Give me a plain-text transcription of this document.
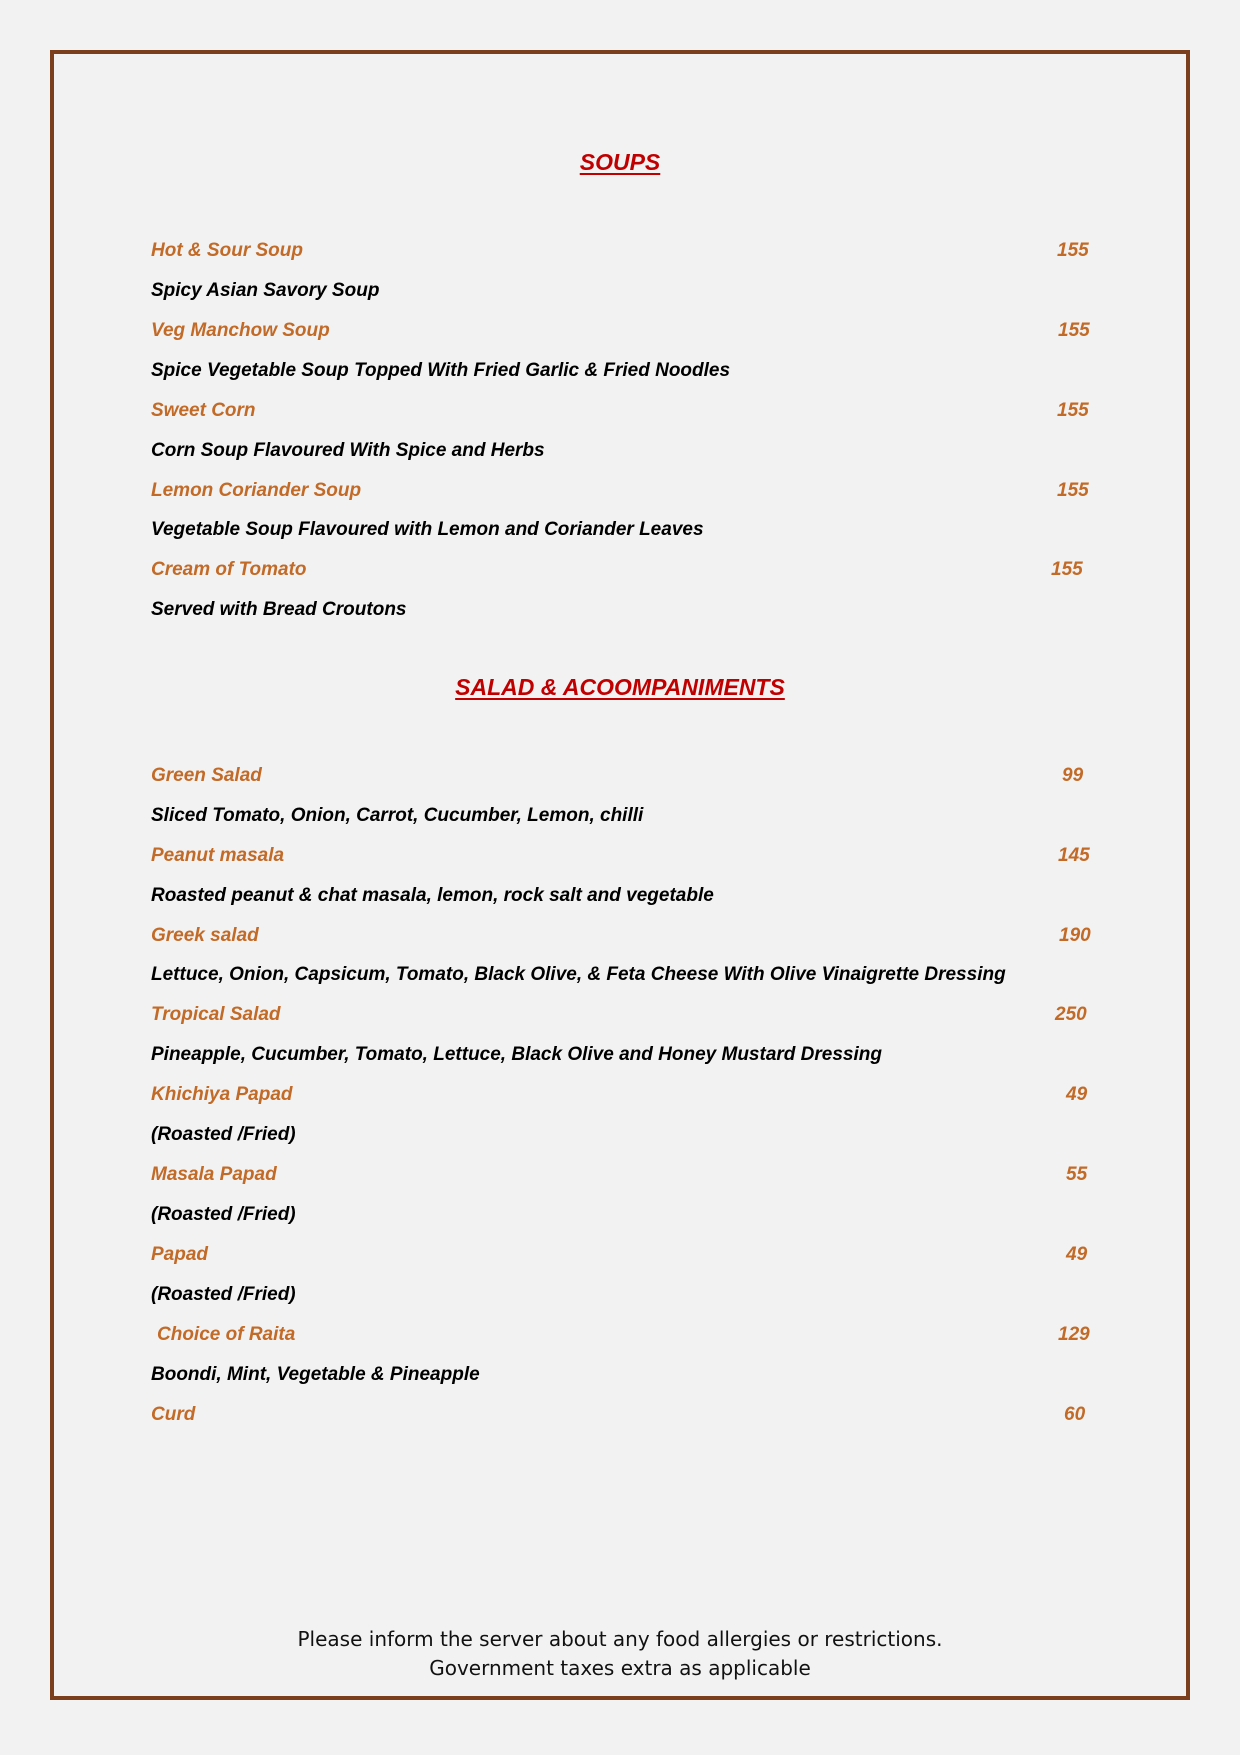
SOUPS
Hot & Sour Soup	155
Spicy Asian Savory Soup
Veg Manchow Soup	155
Spice Vegetable Soup Topped With Fried Garlic & Fried Noodles
Sweet Corn	155
Corn Soup Flavoured With Spice and Herbs
Lemon Coriander Soup	155
Vegetable Soup Flavoured with Lemon and Coriander Leaves
Cream of Tomato	155
Served with Bread Croutons
SALAD & ACOOMPANIMENTS
Green Salad	99
Sliced Tomato, Onion, Carrot, Cucumber, Lemon, chilli
Peanut masala	145
Roasted peanut & chat masala, lemon, rock salt and vegetable
Greek salad	190
Lettuce, Onion, Capsicum, Tomato, Black Olive, & Feta Cheese With Olive Vinaigrette Dressing
Tropical Salad	250
Pineapple, Cucumber, Tomato, Lettuce, Black Olive and Honey Mustard Dressing
Khichiya Papad	49
(Roasted /Fried)
Masala Papad	55
(Roasted /Fried)
Papad	49
(Roasted /Fried)
Choice of Raita	129
Boondi, Mint, Vegetable & Pineapple
Curd	60
Please inform the server about any food allergies or restrictions.
Government taxes extra as applicable
